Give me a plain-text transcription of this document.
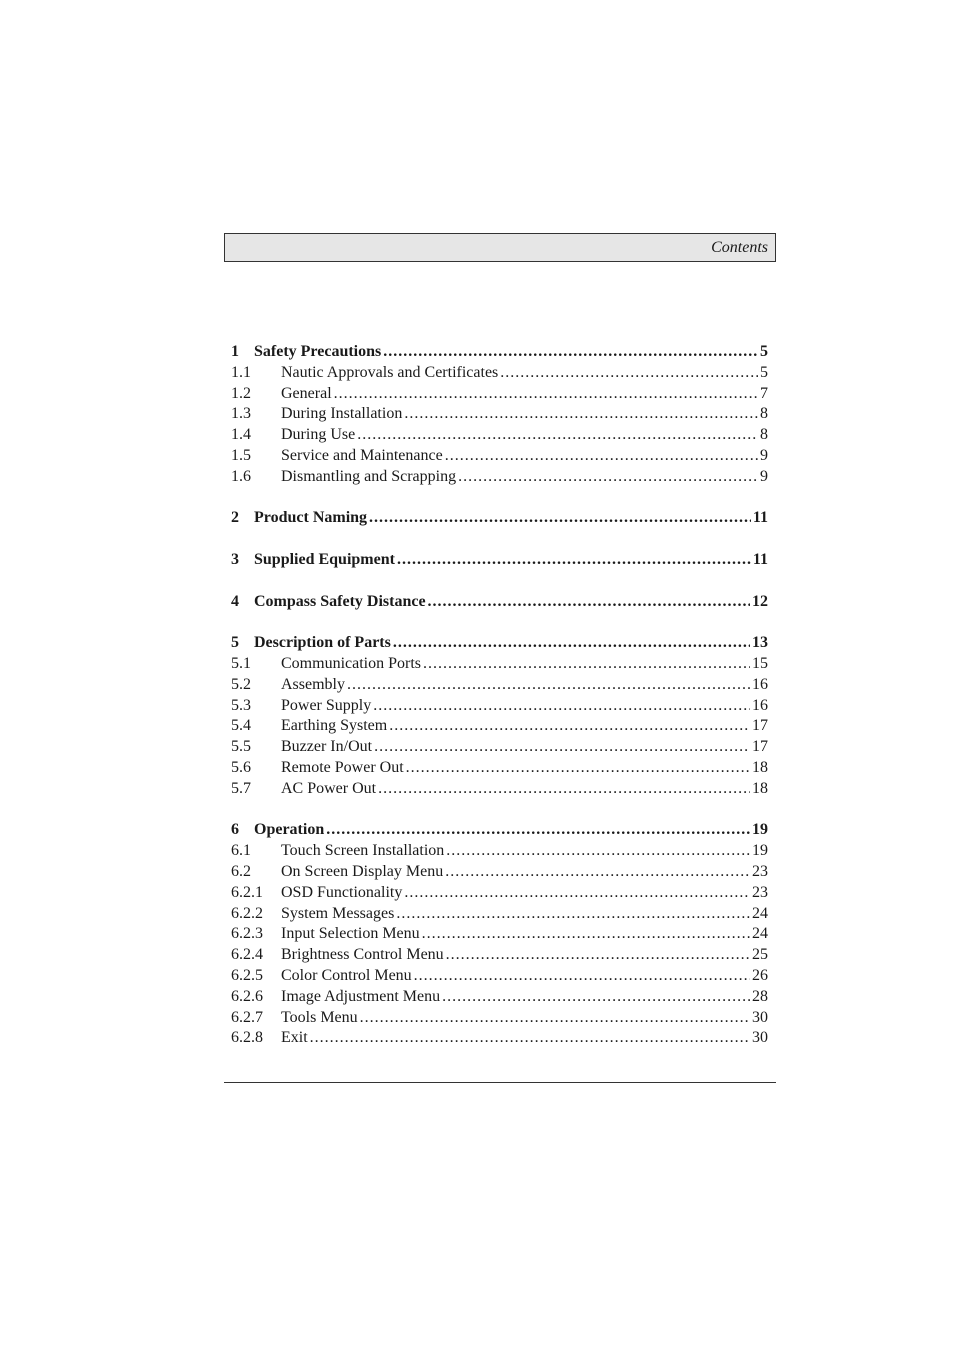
Contents
1 Safety Precautions .....	5
1.1	Nautic Approvals and Certificates .....	5
1.2	General .....	7
1.3	During Installation .....	8
1.4	During Use .....	8
1.5	Service and Maintenance .....	9
1.6	Dismantling and Scrapping .....	9
2 Product Naming .....	11
3 Supplied Equipment .....	11
4 Compass Safety Distance .....	12
5 Description of Parts .....	13
5.1	Communication Ports .....	15
5.2	Assembly .....	16
5.3	Power Supply .....	16
5.4	Earthing System .....	17
5.5	Buzzer In/Out .....	17
5.6	Remote Power Out .....	18
5.7	AC Power Out .....	18
6 Operation .....	19
6.1	Touch Screen Installation .....	19
6.2	On Screen Display Menu .....	23
6.2.1	OSD Functionality .....	23
6.2.2	System Messages .....	24
6.2.3	Input Selection Menu .....	24
6.2.4	Brightness Control Menu .....	25
6.2.5	Color Control Menu .....	26
6.2.6	Image Adjustment Menu .....	28
6.2.7	Tools Menu .....	30
6.2.8	Exit .....	30
